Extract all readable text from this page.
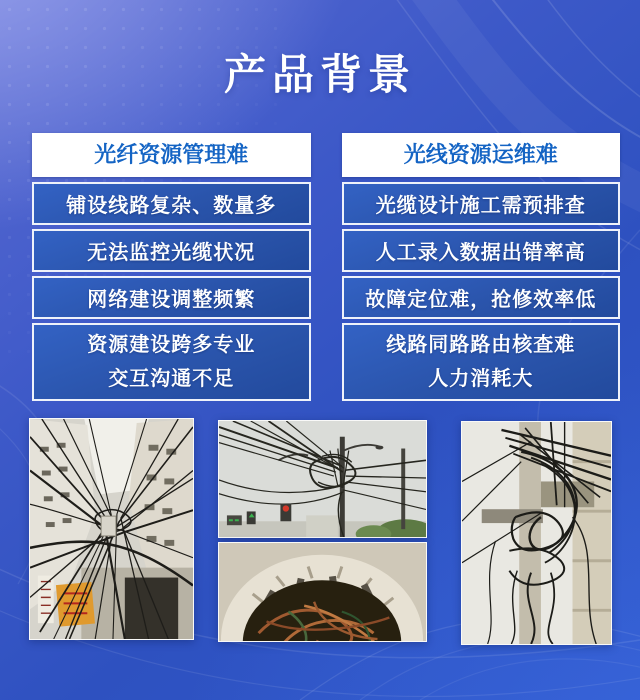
产品背景
光纤资源管理难
铺设线路复杂、数量多
无法监控光缆状况
网络建设调整频繁
资源建设跨多专业
交互沟通不足
光线资源运维难
光缆设计施工需预排查
人工录入数据出错率高
故障定位难，抢修效率低
线路同路路由核查难
人力消耗大
